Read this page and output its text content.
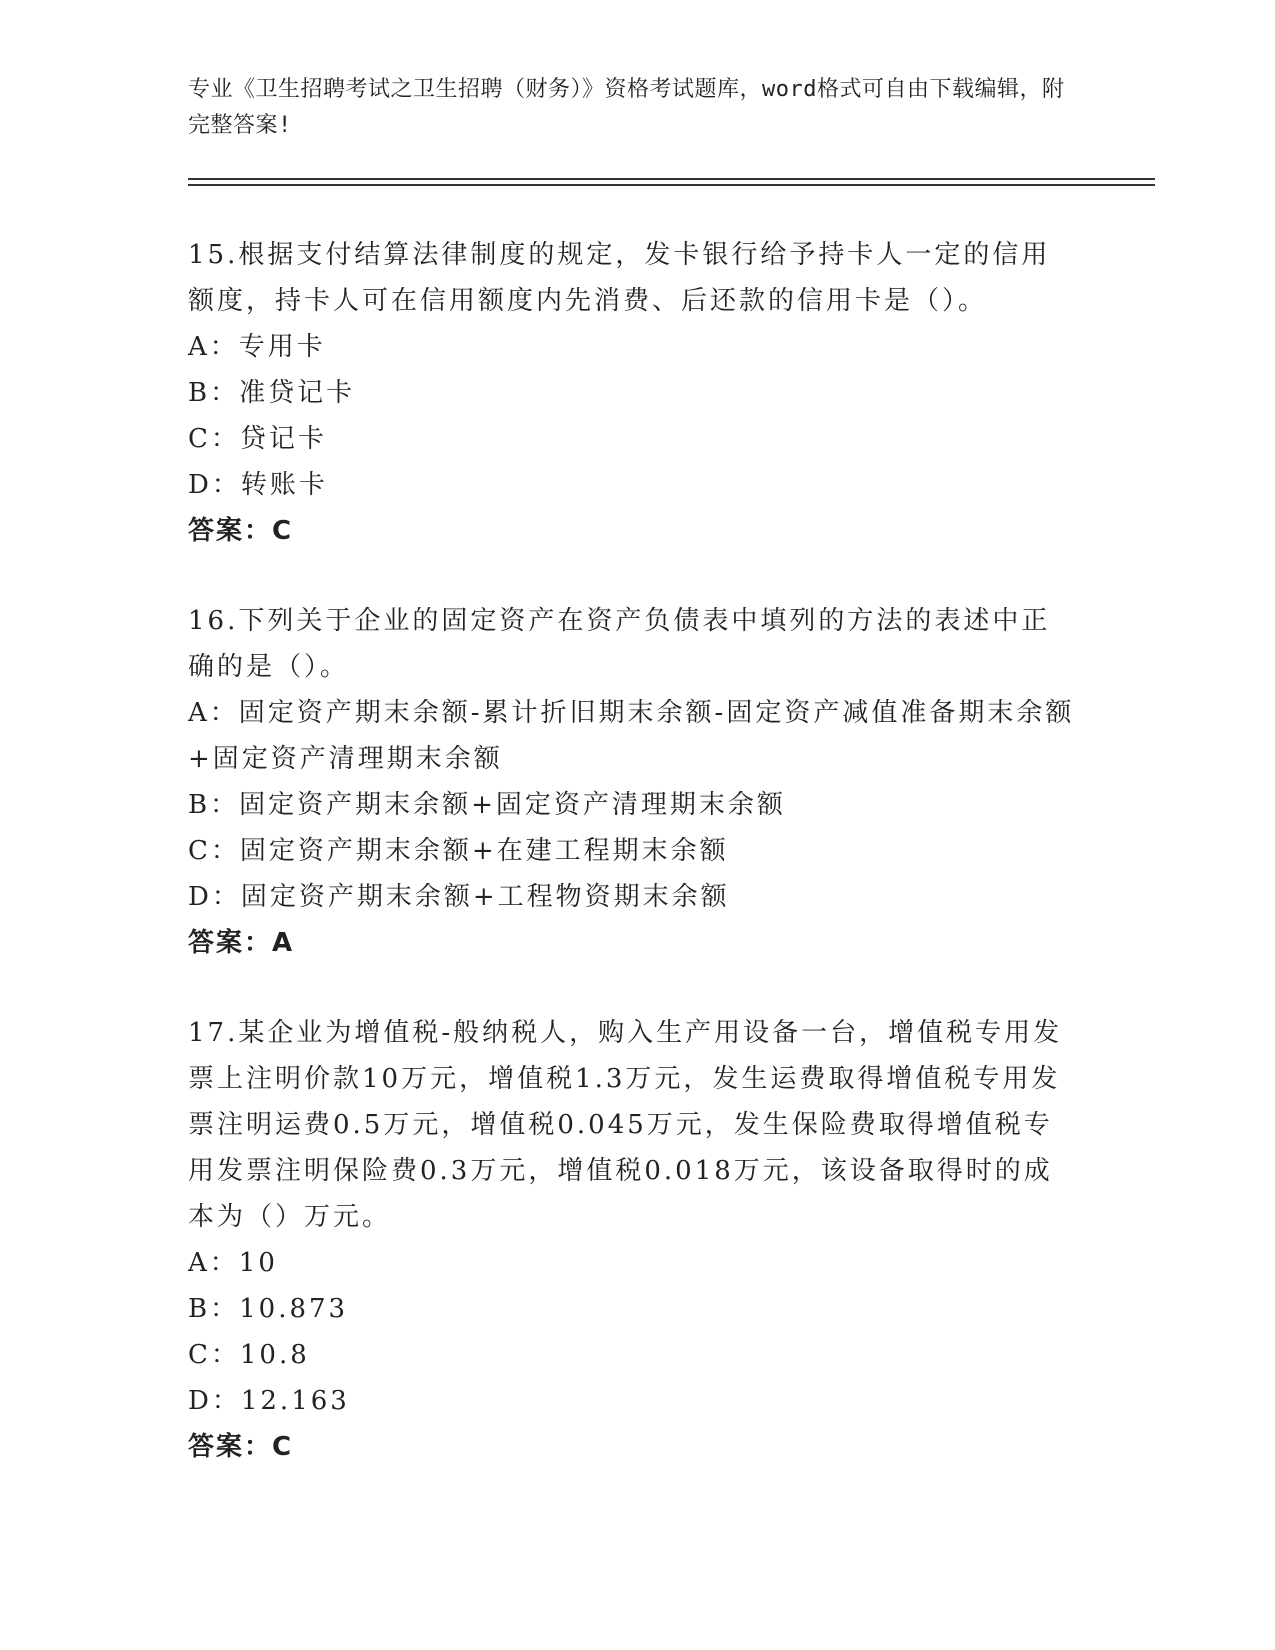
专业《卫生招聘考试之卫生招聘（财务）》资格考试题库，word格式可自由下载编辑，附完整答案!

15.根据支付结算法律制度的规定，发卡银行给予持卡人一定的信用额度，持卡人可在信用额度内先消费、后还款的信用卡是（）。

A：专用卡

B：准贷记卡

C：贷记卡

D：转账卡

答案：C

16.下列关于企业的固定资产在资产负债表中填列的方法的表述中正确的是（）。

A：固定资产期末余额-累计折旧期末余额-固定资产减值准备期末余额+固定资产清理期末余额

B：固定资产期末余额+固定资产清理期末余额

C：固定资产期末余额+在建工程期末余额

D：固定资产期末余额+工程物资期末余额

答案：A

17.某企业为增值税-般纳税人，购入生产用设备一台，增值税专用发票上注明价款10万元，增值税1.3万元，发生运费取得增值税专用发票注明运费0.5万元，增值税0.045万元，发生保险费取得增值税专用发票注明保险费0.3万元，增值税0.018万元，该设备取得时的成本为（）万元。

A：10

B：10.873

C：10.8

D：12.163

答案：C
